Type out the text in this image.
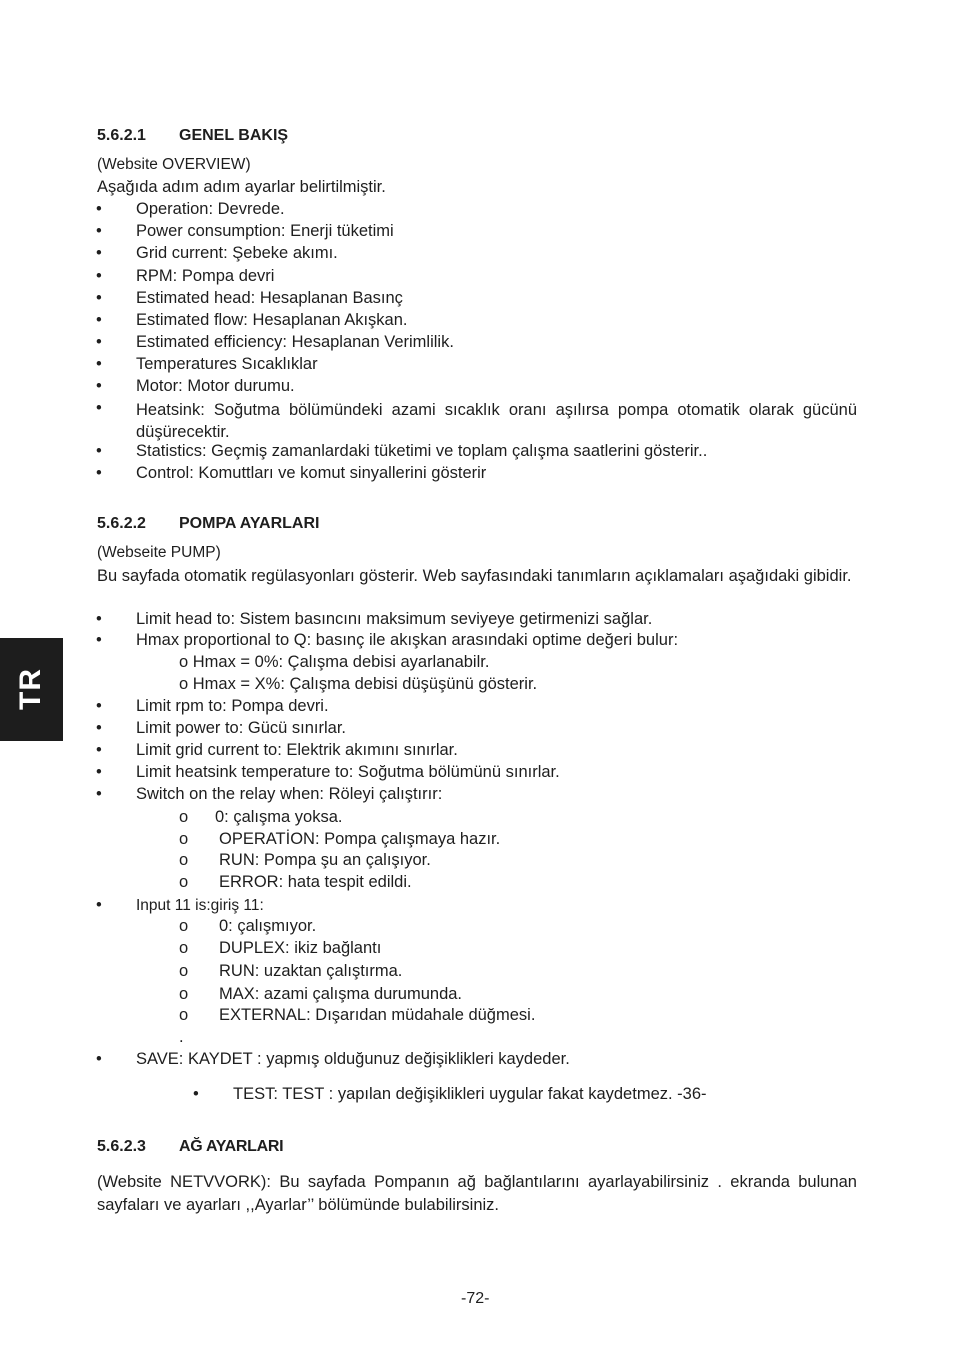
TR
5.6.2.1 GENEL BAKIŞ
(Website OVERVIEW)
Aşağıda adım adım ayarlar belirtilmiştir.
• Operation: Devrede.
• Power consumption: Enerji tüketimi
• Grid current: Şebeke akımı.
• RPM: Pompa devri
• Estimated head: Hesaplanan Basınç
• Estimated flow: Hesaplanan Akışkan.
• Estimated efficiency: Hesaplanan Verimlilik.
• Temperatures Sıcaklıklar
• Motor: Motor durumu.
• Heatsink: Soğutma bölümündeki azami sıcaklık oranı aşılırsa pompa otomatik olarak gücünü düşürecektir.
• Statistics: Geçmiş zamanlardaki tüketimi ve toplam çalışma saatlerini gösterir..
• Control: Komuttları ve komut sinyallerini gösterir
5.6.2.2 POMPA AYARLARI
(Webseite PUMP)
Bu sayfada otomatik regülasyonları gösterir. Web sayfasındaki tanımların açıklamaları aşağıdaki gibidir.
• Limit head to: Sistem basıncını maksimum seviyeye getirmenizi sağlar.
• Hmax proportional to Q: basınç ile akışkan arasındaki optime değeri bulur:
o Hmax = 0%: Çalışma debisi ayarlanabilr.
o Hmax = X%: Çalışma debisi düşüşünü gösterir.
• Limit rpm to: Pompa devri.
• Limit power to: Gücü sınırlar.
• Limit grid current to: Elektrik akımını sınırlar.
• Limit heatsink temperature to: Soğutma bölümünü sınırlar.
• Switch on the relay when: Röleyi çalıştırır:
o 0: çalışma yoksa.
o OPERATİON: Pompa çalışmaya hazır.
o RUN: Pompa şu an çalışıyor.
o ERROR: hata tespit edildi.
• Input 11 is:giriş 11:
o 0: çalışmıyor.
o DUPLEX: ikiz bağlantı
o RUN: uzaktan çalıştırma.
o MAX: azami çalışma durumunda.
o EXTERNAL: Dışarıdan müdahale düğmesi.
.
• SAVE: KAYDET : yapmış olduğunuz değişiklikleri kaydeder.
• TEST: TEST : yapılan değişiklikleri uygular fakat kaydetmez. -36-
5.6.2.3 AĞ AYARLARI
(Website NETVVORK): Bu sayfada Pompanın ağ bağlantılarını ayarlayabilirsiniz . ekranda bulunan sayfaları ve ayarları ,,Ayarlar’’ bölümünde bulabilirsiniz.
-72-
